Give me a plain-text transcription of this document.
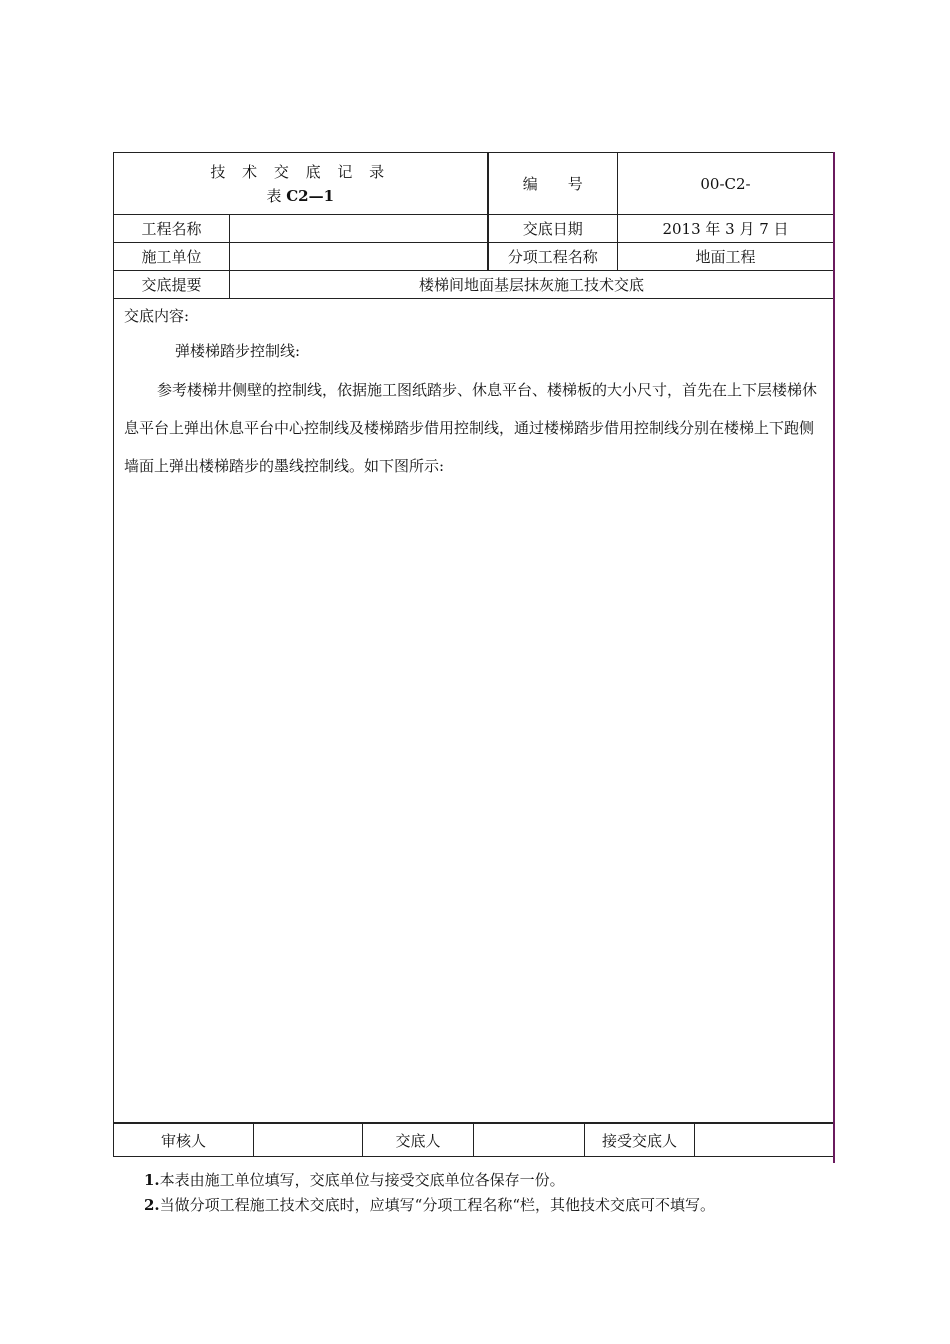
技 术 交 底 记 录
表 C2—1		编　　号	00-C2-
工程名称		交底日期	2013 年 3 月 7 日
施工单位		分项工程名称	地面工程
交底提要	楼梯间地面基层抹灰施工技术交底		

交底内容:
弹楼梯踏步控制线:
参考楼梯井侧壁的控制线，依据施工图纸踏步、休息平台、楼梯板的大小尺寸，首先在上下层楼梯休息平台上弹出休息平台中心控制线及楼梯踏步借用控制线，通过楼梯踏步借用控制线分别在楼梯上下跑侧墙面上弹出楼梯踏步的墨线控制线。如下图所示:			
审核人		交底人		接受交底人	
1.本表由施工单位填写，交底单位与接受交底单位各保存一份。
2.当做分项工程施工技术交底时，应填写“分项工程名称“栏，其他技术交底可不填写。
